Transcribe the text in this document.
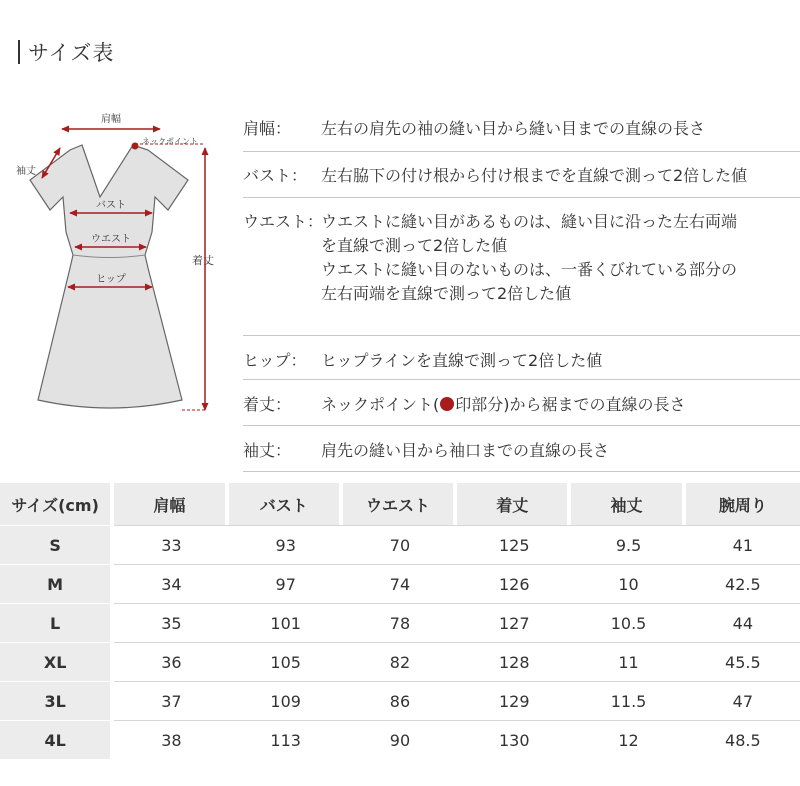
サイズ表
肩幅
ネックポイント
袖丈
バスト
ウエスト
ヒップ
着丈
肩幅： 左右の肩先の袖の縫い目から縫い目までの直線の長さ
バスト： 左右脇下の付け根から付け根までを直線で測って2倍した値
ウエスト：
ウエストに縫い目があるものは、縫い目に沿った左右両端
を直線で測って2倍した値
ウエストに縫い目のないものは、一番くびれている部分の
左右両端を直線で測って2倍した値
ヒップ： ヒップラインを直線で測って2倍した値
着丈： ネックポイント( 印部分)から裾までの直線の長さ
袖丈： 肩先の縫い目から袖口までの直線の長さ
サイズ(cm)	肩幅	バスト	ウエスト	着丈	袖丈	腕周り
S	33	93	70	125	9.5	41
M	34	97	74	126	10	42.5
L	35	101	78	127	10.5	44
XL	36	105	82	128	11	45.5
3L	37	109	86	129	11.5	47
4L	38	113	90	130	12	48.5
